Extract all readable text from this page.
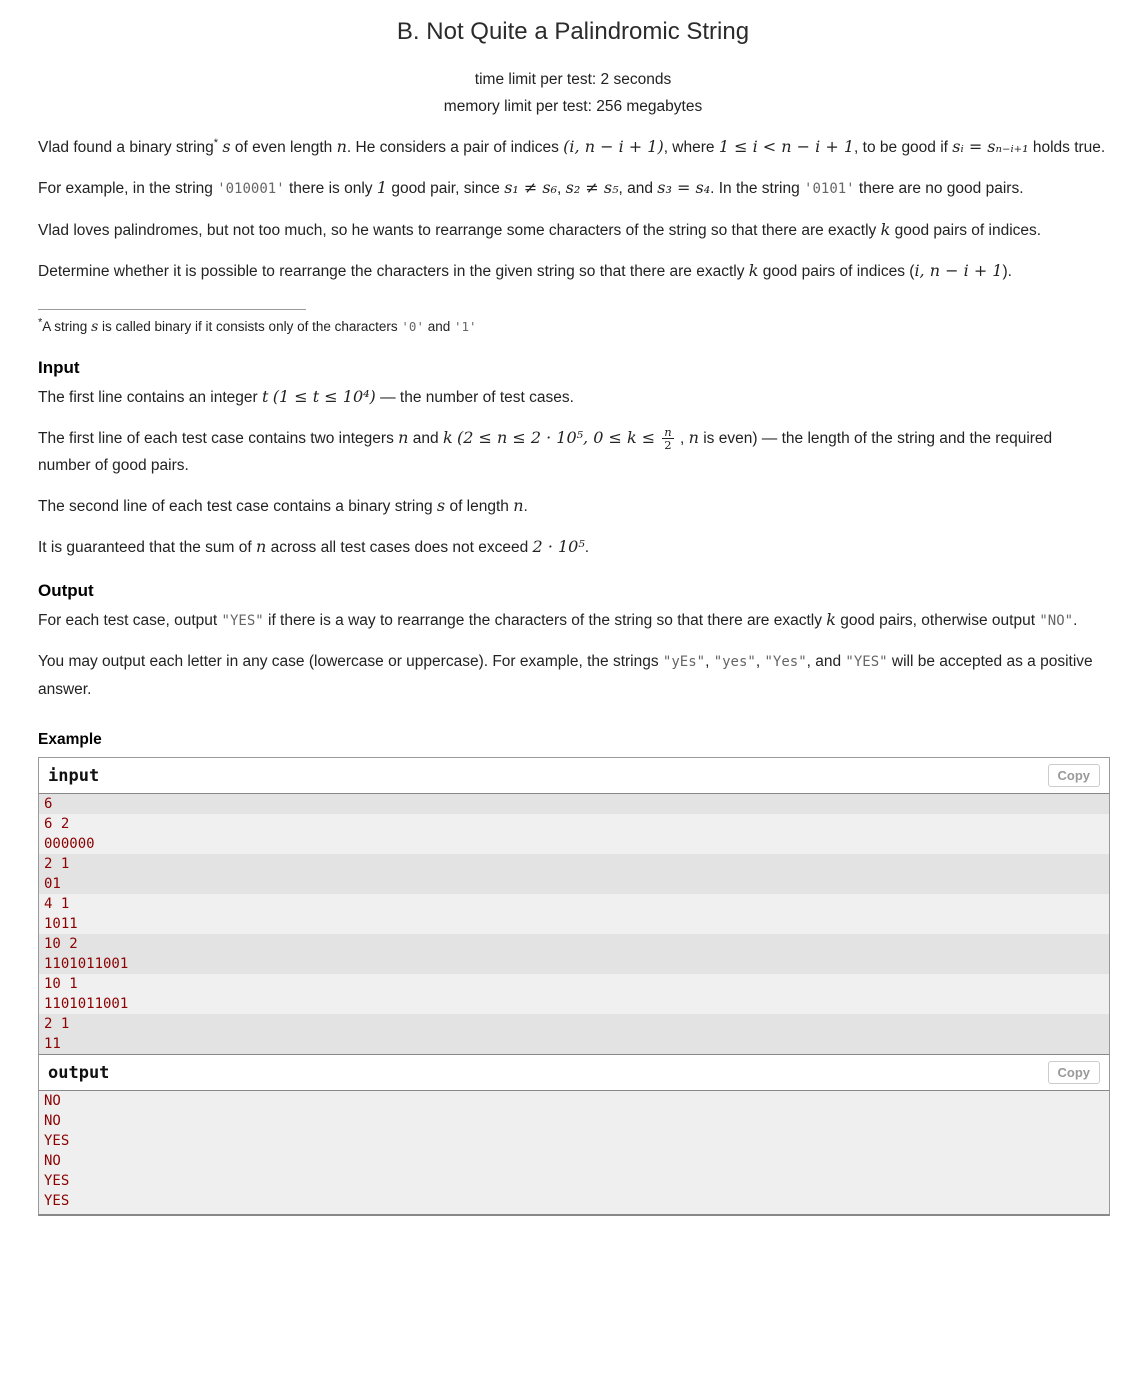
B. Not Quite a Palindromic String
time limit per test: 2 seconds
memory limit per test: 256 megabytes

Vlad found a binary string* s of even length n. He considers a pair of indices (i, n − i + 1), where 1 ≤ i < n − i + 1, to be good if sᵢ = sₙ₋ᵢ₊₁ holds true.

For example, in the string '010001' there is only 1 good pair, since s₁ ≠ s₆, s₂ ≠ s₅, and s₃ = s₄. In the string '0101' there are no good pairs.

Vlad loves palindromes, but not too much, so he wants to rearrange some characters of the string so that there are exactly k good pairs of indices.

Determine whether it is possible to rearrange the characters in the given string so that there are exactly k good pairs of indices (i, n − i + 1).

*A string s is called binary if it consists only of the characters '0' and '1'

Input

The first line contains an integer t (1 ≤ t ≤ 10⁴) — the number of test cases.

The first line of each test case contains two integers n and k (2 ≤ n ≤ 2 · 10⁵, $0 \le k \le \frac{n}{2}$ , n is even) — the length of the string and the required number of good pairs.

The second line of each test case contains a binary string s of length n.

It is guaranteed that the sum of n across all test cases does not exceed 2 · 10⁵.

Output

For each test case, output "YES" if there is a way to rearrange the characters of the string so that there are exactly k good pairs, otherwise output "NO".

You may output each letter in any case (lowercase or uppercase). For example, the strings "yEs", "yes", "Yes", and "YES" will be accepted as a positive answer.

Example
input	Copy
6
6 2
000000
2 1
01
4 1
1011
10 2
1101011001
10 1
1101011001
2 1
11
output	Copy
NO
NO
YES
NO
YES
YES
